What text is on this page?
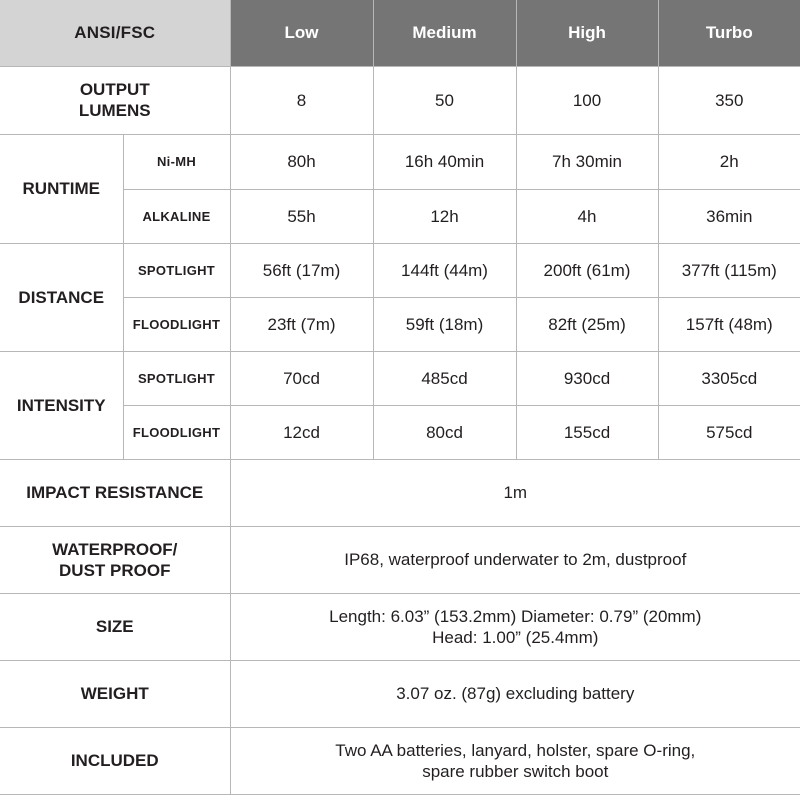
ANSI/FSC		Low	Medium	High	Turbo

OUTPUT
LUMENS		8	50	100	350
RUNTIME	Ni-MH	80h	16h 40min	7h 30min	2h
	ALKALINE	55h	12h	4h	36min
DISTANCE	SPOTLIGHT	56ft (17m)	144ft (44m)	200ft (61m)	377ft (115m)
	FLOODLIGHT	23ft (7m)	59ft (18m)	82ft (25m)	157ft (48m)
INTENSITY	SPOTLIGHT	70cd	485cd	930cd	3305cd
	FLOODLIGHT	12cd	80cd	155cd	575cd
IMPACT RESISTANCE		1m			

WATERPROOF/
DUST PROOF		IP68, waterproof underwater to 2m, dustproof			
SIZE		Length: 6.03” (153.2mm) Diameter: 0.79” (20mm)
Head: 1.00” (25.4mm)			

WEIGHT		3.07 oz. (87g) excluding battery			
INCLUDED		Two AA batteries, lanyard, holster, spare O-ring,
spare rubber switch boot			
